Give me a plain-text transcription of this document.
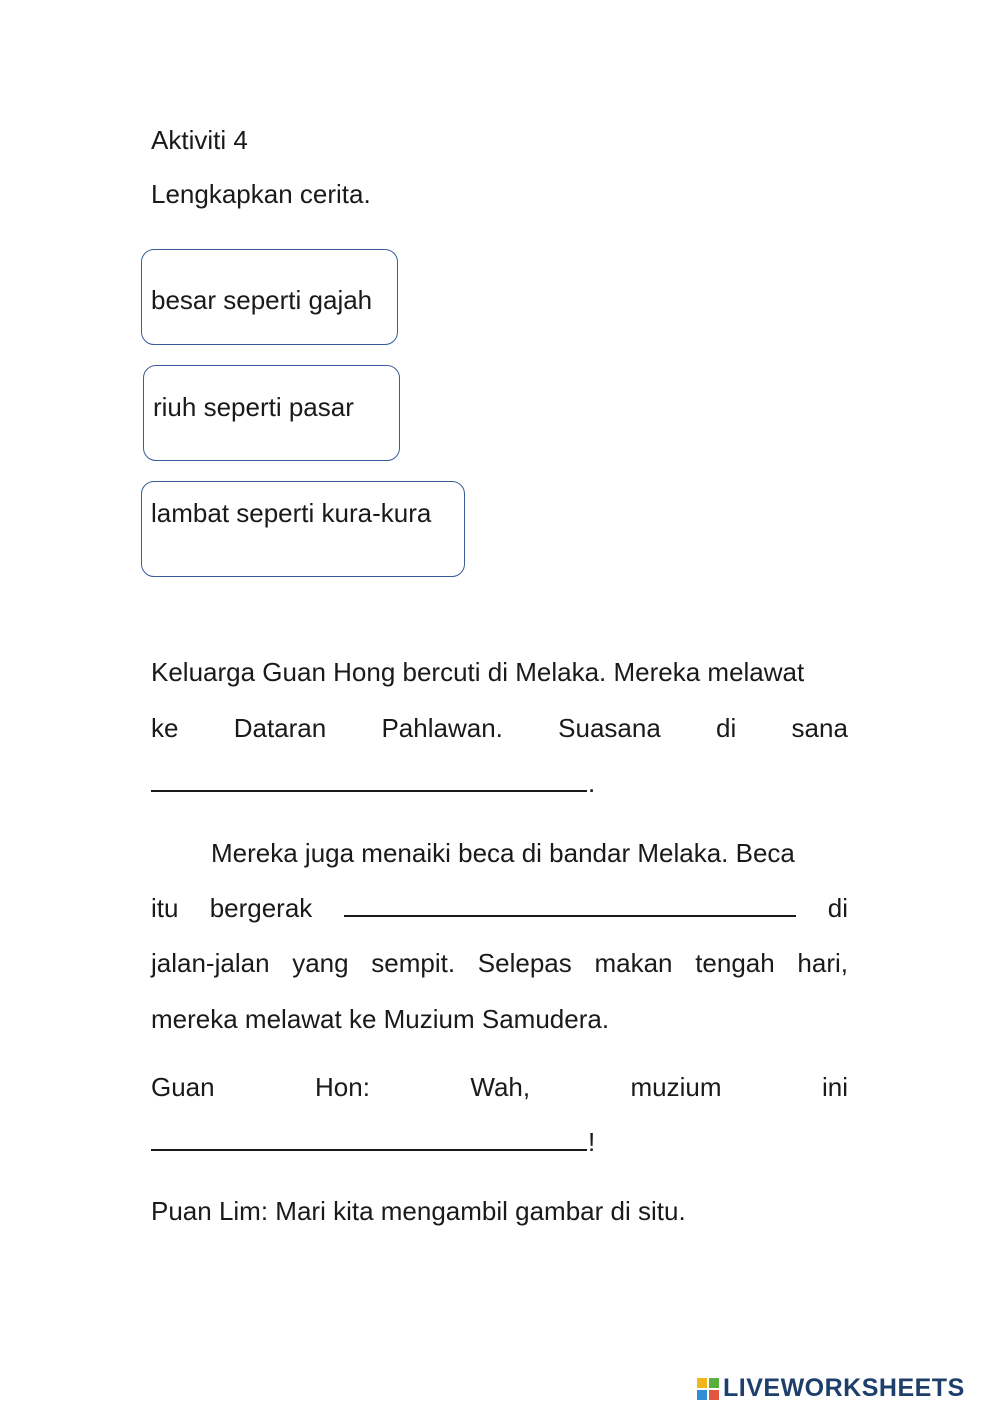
Aktiviti 4
Lengkapkan cerita.
besar seperti gajah
riuh seperti pasar
lambat seperti kura-kura
Keluarga Guan Hong bercuti di Melaka. Mereka melawat
ke Dataran Pahlawan. Suasana di sana
.
Mereka juga menaiki beca di bandar Melaka. Beca
itu bergerak	di
jalan-jalan yang sempit. Selepas makan tengah hari,
mereka melawat ke Muzium Samudera.
Guan	Hon:	Wah,	muzium	ini
!
Puan Lim: Mari kita mengambil gambar di situ.
LIVEWORKSHEETS
